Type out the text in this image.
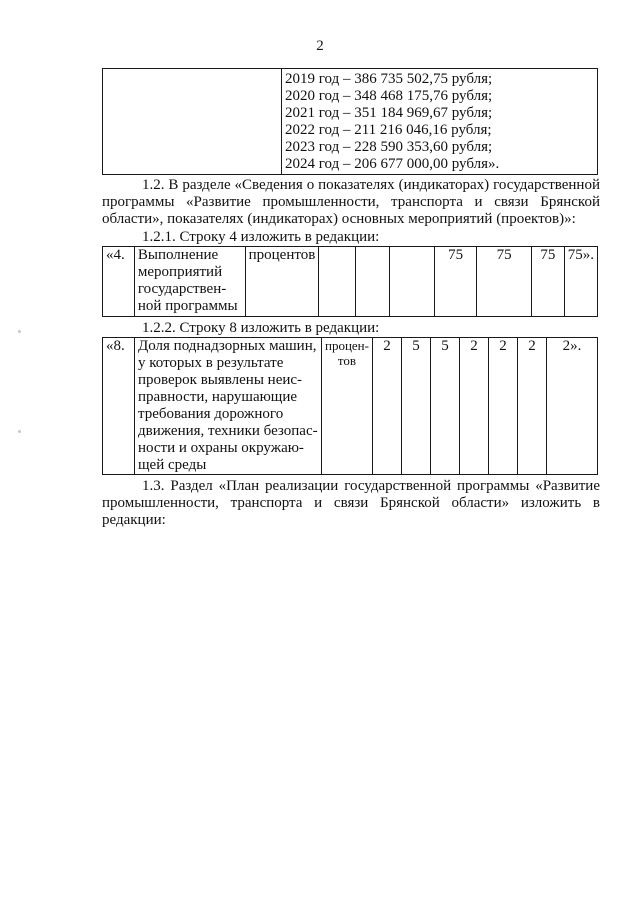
2

2019 год – 386 735 502,75 рубля;
2020 год – 348 468 175,76 рубля;
2021 год – 351 184 969,67 рубля;
2022 год – 211 216 046,16 рубля;
2023 год – 228 590 353,60 рубля;
2024 год – 206 677 000,00 рубля».
1.2. В разделе «Сведения о показателях (индикаторах) государственной программы «Развитие промышленности, транспорта и связи Брянской области», показателях (индикаторах) основных мероприятий (проектов)»:
1.2.1. Строку 4 изложить в редакции:
«4.	Выполнение мероприятий государствен-ной программы	процентов				75	75	75	75».
1.2.2. Строку 8 изложить в редакции:
«8.	Доля поднадзорных машин, у которых в результате проверок выявлены неис-правности, нарушающие требования дорожного движения, техники безопас-ности и охраны окружаю-щей среды	процен-тов	2	5	5	2	2	2	2».
1.3. Раздел «План реализации государственной программы «Развитие промышленности, транспорта и связи Брянской области» изложить в редакции:
